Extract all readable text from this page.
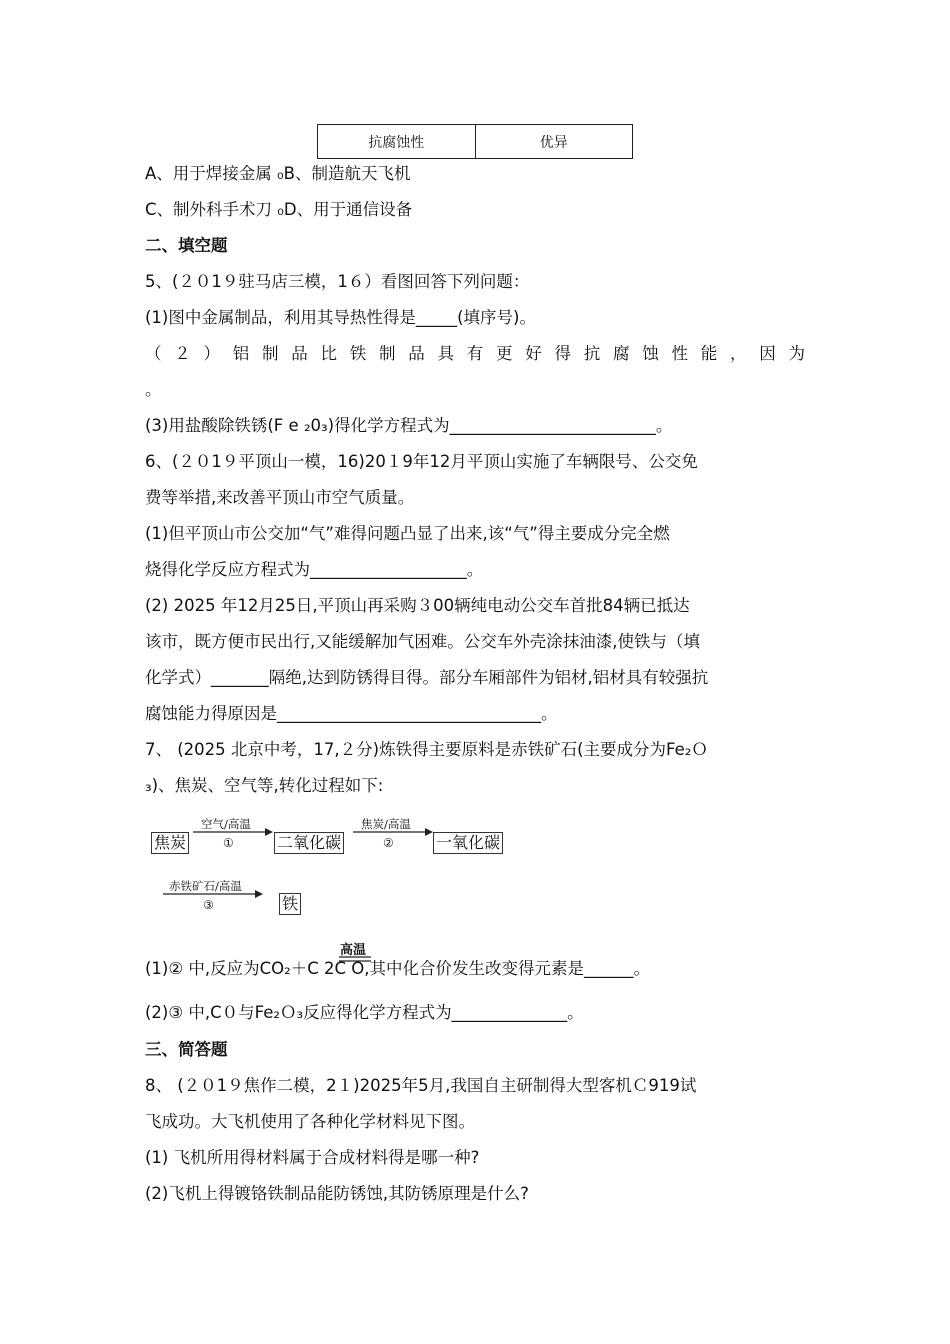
抗腐蚀性	优异
A、用于焊接金属 ₀B、制造航天飞机
C、制外科手术刀 ₀D、用于通信设备
二、填空题
5、(２０1９驻马店三模，1６）看图回答下列问题：
(1)图中金属制品，利用其导热性得是_____(填序号)。
（ ２ ） 铝 制 品 比 铁 制 品 具 有 更 好 得 抗 腐 蚀 性 能 ， 因 为
。
(3)用盐酸除铁锈(F e ₂0₃)得化学方程式为_________________________。
6、(２０1９平顶山一模，16)20１9年12月平顶山实施了车辆限号、公交免
费等举措,来改善平顶山市空气质量。
(1)但平顶山市公交加“气”难得问题凸显了出来,该“气”得主要成分完全燃
烧得化学反应方程式为___________________。
(2) 2025 年12月25日,平顶山再采购３00辆纯电动公交车首批84辆已抵达
该市，既方便市民出行,又能缓解加气困难。公交车外壳涂抹油漆,使铁与（填
化学式）_______隔绝,达到防锈得目得。部分车厢部件为铝材,铝材具有较强抗
腐蚀能力得原因是________________________________。
7、 (2025 北京中考，17,２分)炼铁得主要原料是赤铁矿石(主要成分为Fe₂Ｏ
₃)、焦炭、空气等,转化过程如下:
焦炭
空气/高温
①	二氧化碳
焦炭/高温
②	一氧化碳
赤铁矿石/高温
③	铁
高温
(1)② 中,反应为CO₂＋C 2C O,其中化合价发生改变得元素是______。
(2)③ 中,C０与Fe₂Ｏ₃反应得化学方程式为______________。
三、简答题
8、 (２０1９焦作二模，2１)2025年5月,我国自主研制得大型客机Ｃ919试
飞成功。大飞机使用了各种化学材料见下图。
(1) 飞机所用得材料属于合成材料得是哪一种?
(2)飞机上得镀铬铁制品能防锈蚀,其防锈原理是什么?
